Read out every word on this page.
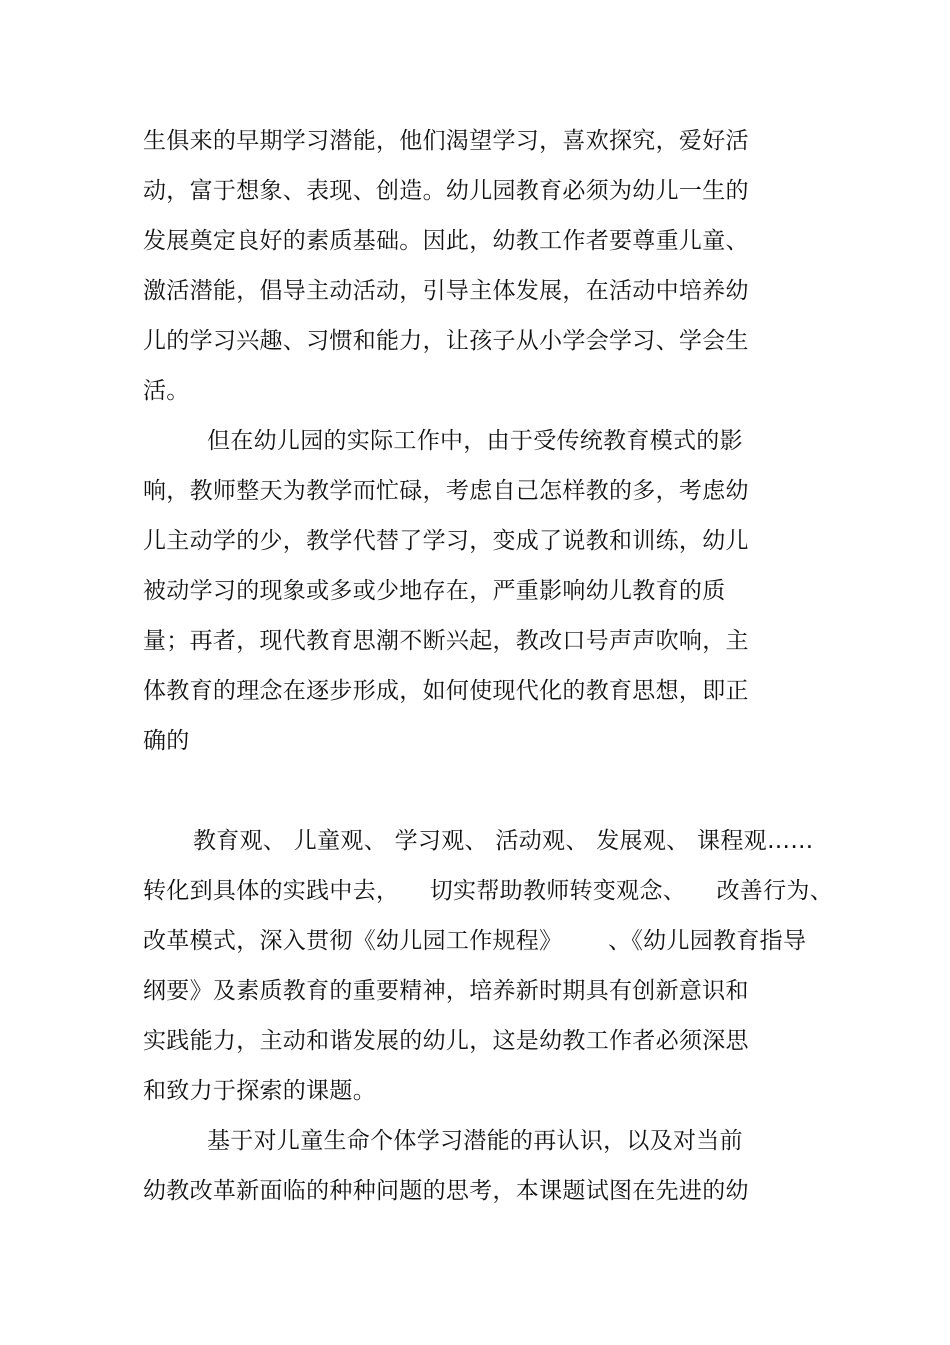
生俱来的早期学习潜能，他们渴望学习，喜欢探究，爱好活
动，富于想象、表现、创造。幼儿园教育必须为幼儿一生的
发展奠定良好的素质基础。因此，幼教工作者要尊重儿童、
激活潜能，倡导主动活动，引导主体发展，在活动中培养幼
儿的学习兴趣、习惯和能力，让孩子从小学会学习、学会生
活。
但在幼儿园的实际工作中，由于受传统教育模式的影
响，教师整天为教学而忙碌，考虑自己怎样教的多，考虑幼
儿主动学的少，教学代替了学习，变成了说教和训练，幼儿
被动学习的现象或多或少地存在，严重影响幼儿教育的质
量；再者，现代教育思潮不断兴起，教改口号声声吹响，主
体教育的理念在逐步形成，如何使现代化的教育思想，即正
确的
教育观、 儿童观、 学习观、 活动观、 发展观、 课程观……
转化到具体的实践中去，    切实帮助教师转变观念、    改善行为、
改革模式，深入贯彻《幼儿园工作规程》      、《幼儿园教育指导
纲要》及素质教育的重要精神，培养新时期具有创新意识和
实践能力，主动和谐发展的幼儿，这是幼教工作者必须深思
和致力于探索的课题。
基于对儿童生命个体学习潜能的再认识，以及对当前
幼教改革新面临的种种问题的思考，本课题试图在先进的幼
